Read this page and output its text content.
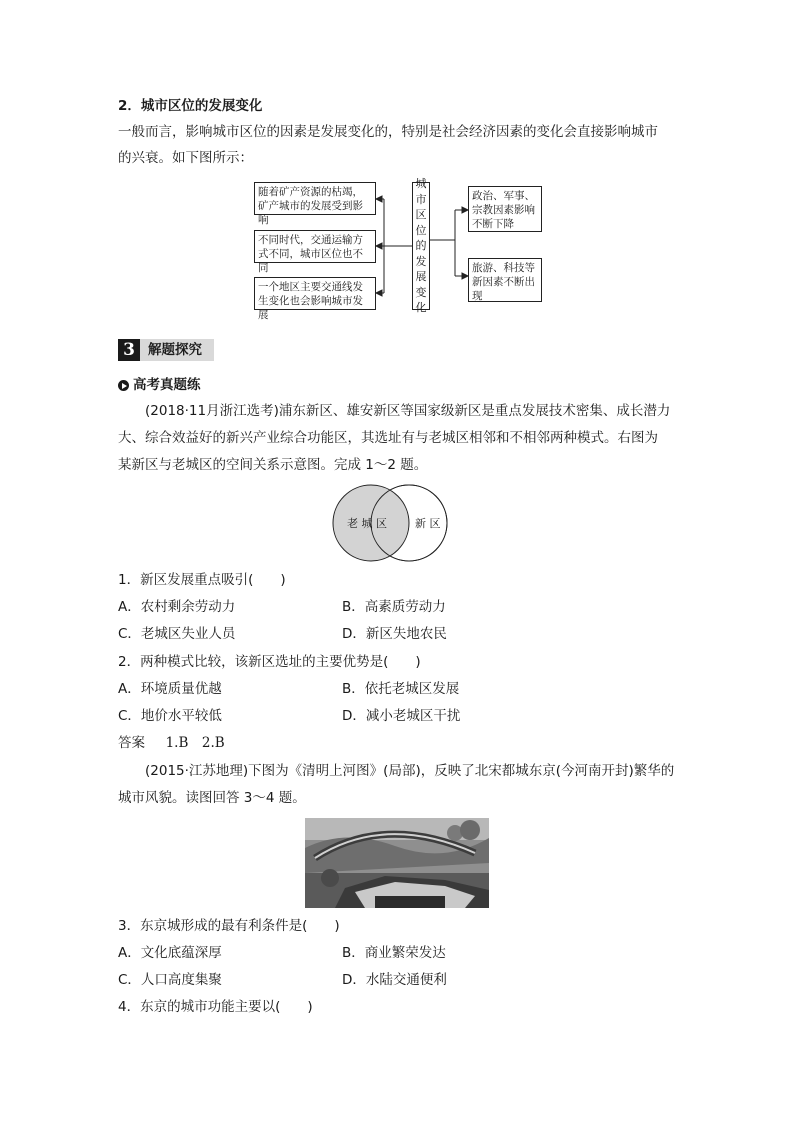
2．城市区位的发展变化
一般而言，影响城市区位的因素是发展变化的，特别是社会经济因素的变化会直接影响城市
的兴衰。如下图所示：
随着矿产资源的枯竭，矿产城市的发展受到影响
不同时代，交通运输方式不同，城市区位也不同
一个地区主要交通线发生变化也会影响城市发展
城市区位的发展变化
政治、军事、宗教因素影响不断下降
旅游、科技等新因素不断出现
3 解题探究
高考真题练
(2018·11月浙江选考)浦东新区、雄安新区等国家级新区是重点发展技术密集、成长潜力
大、综合效益好的新兴产业综合功能区，其选址有与老城区相邻和不相邻两种模式。右图为
某新区与老城区的空间关系示意图。完成 1～2 题。
老 城 区	新 区
1．新区发展重点吸引(　　)
A．农村剩余劳动力	B．高素质劳动力
C．老城区失业人员	D．新区失地农民
2．两种模式比较，该新区选址的主要优势是(　　)
A．环境质量优越	B．依托老城区发展
C．地价水平较低	D．减小老城区干扰
答案 1.B　2.B
(2015·江苏地理)下图为《清明上河图》(局部)，反映了北宋都城东京(今河南开封)繁华的
城市风貌。读图回答 3～4 题。
3．东京城形成的最有利条件是(　　)
A．文化底蕴深厚	B．商业繁荣发达
C．人口高度集聚	D．水陆交通便利
4．东京的城市功能主要以(　　)
